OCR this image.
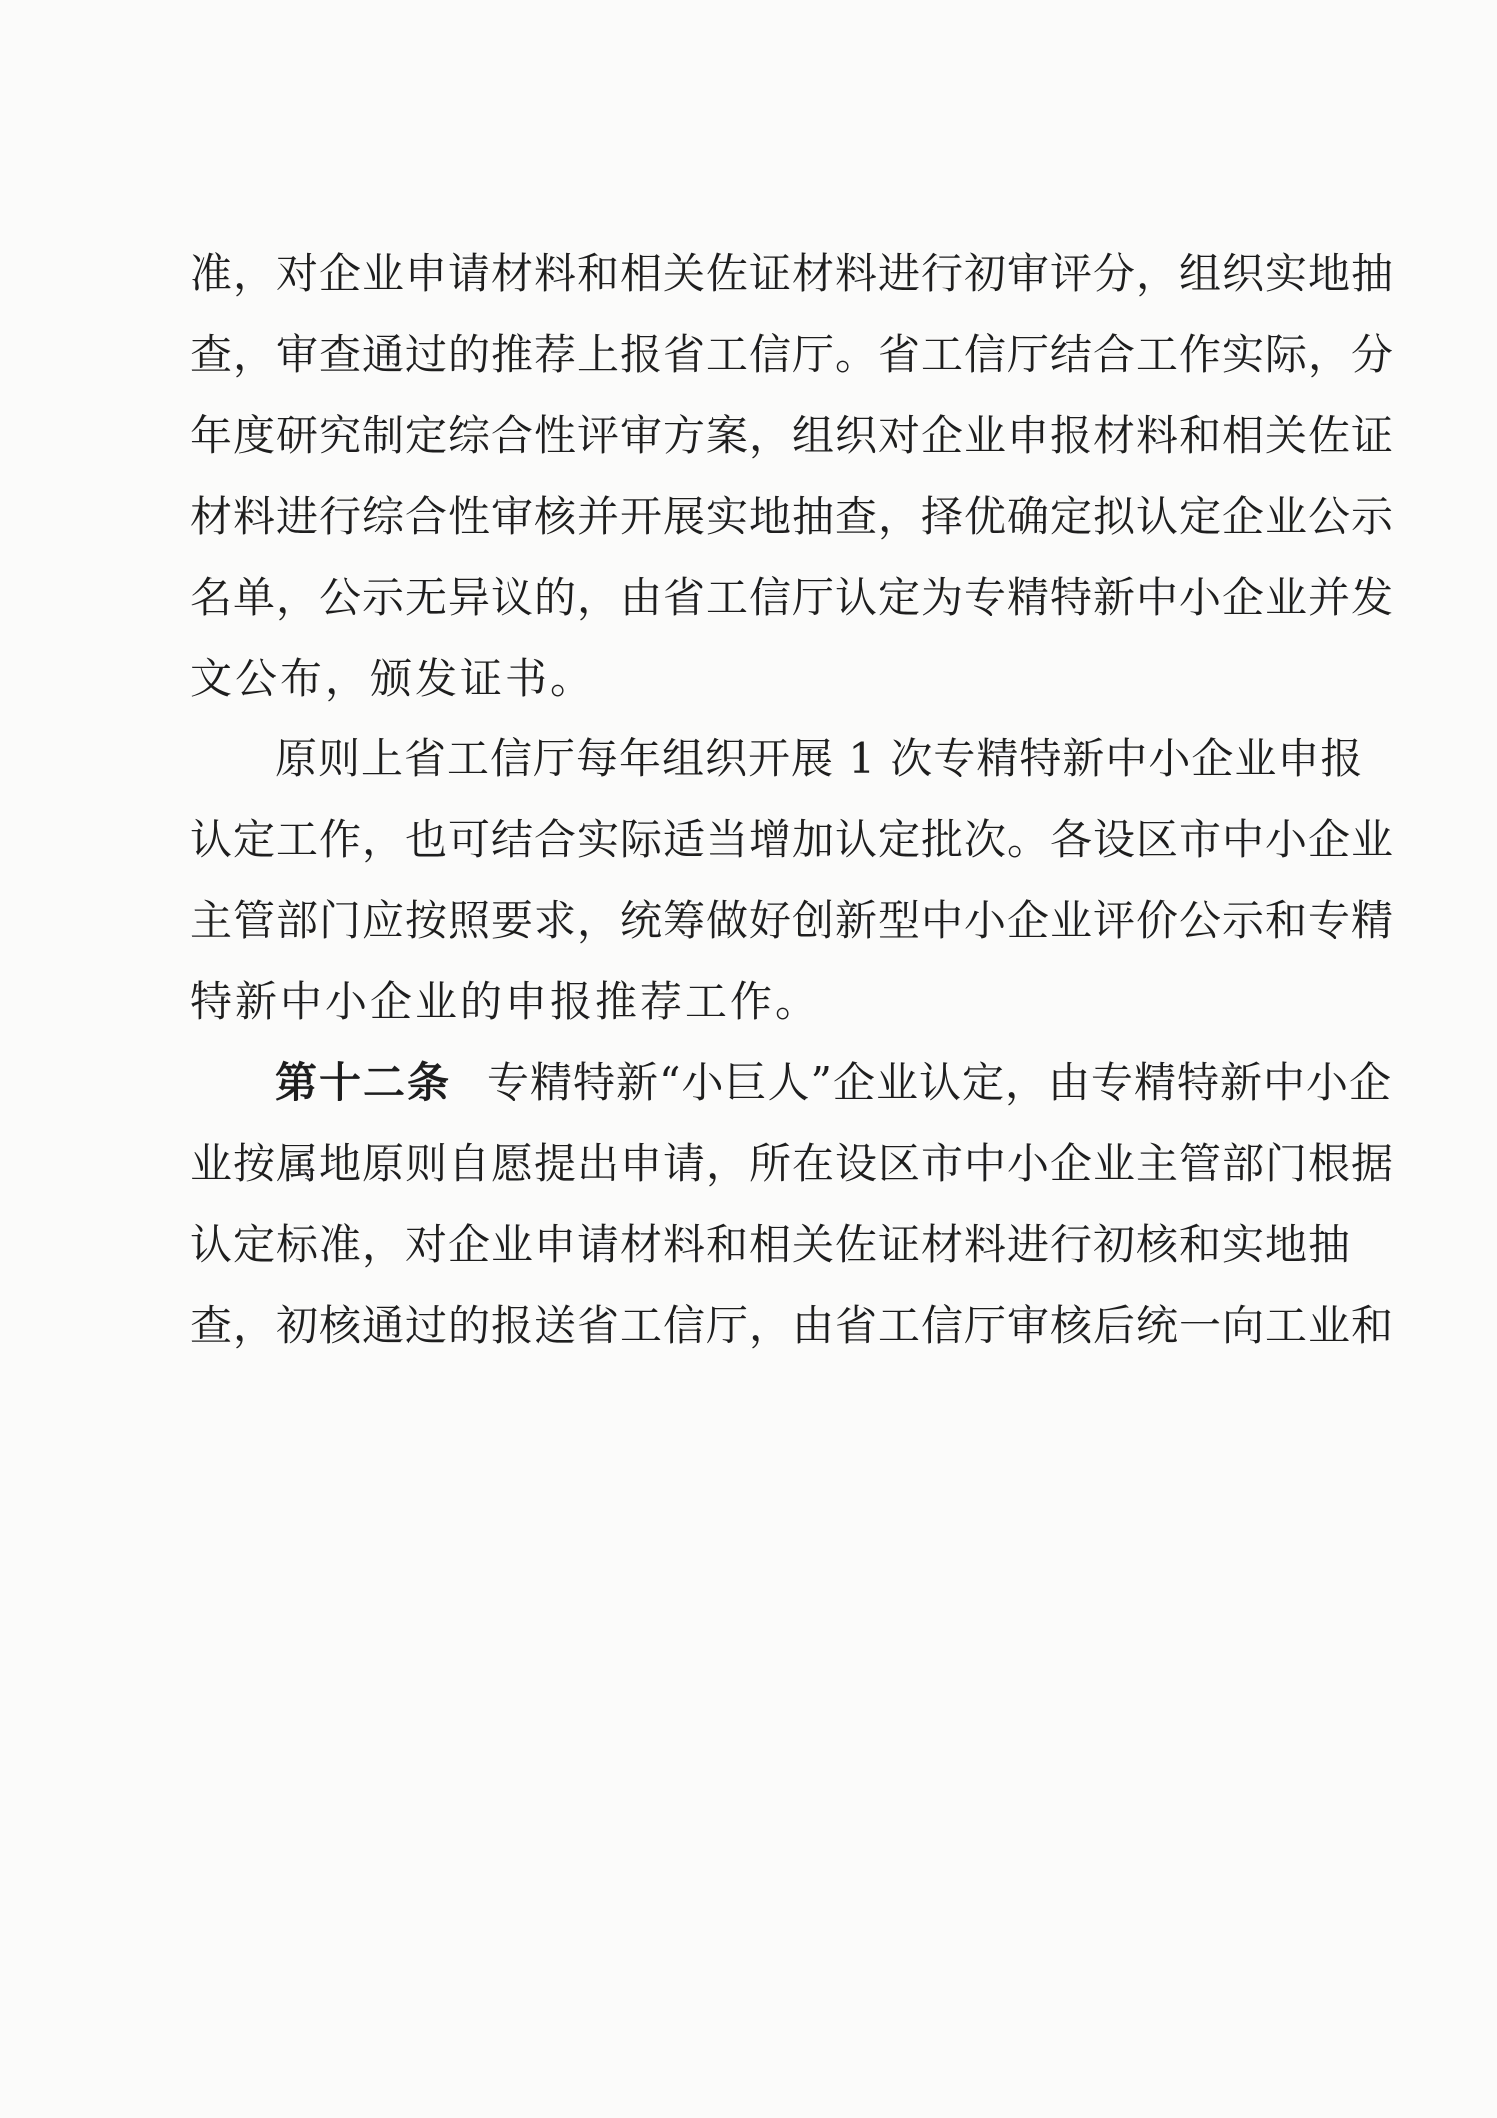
准，对企业申请材料和相关佐证材料进行初审评分，组织实地抽
查，审查通过的推荐上报省工信厅。省工信厅结合工作实际，分
年度研究制定综合性评审方案，组织对企业申报材料和相关佐证
材料进行综合性审核并开展实地抽查，择优确定拟认定企业公示
名单，公示无异议的，由省工信厅认定为专精特新中小企业并发
文公布，颁发证书。
原则上省工信厅每年组织开展 1 次专精特新中小企业申报
认定工作，也可结合实际适当增加认定批次。各设区市中小企业
主管部门应按照要求，统筹做好创新型中小企业评价公示和专精
特新中小企业的申报推荐工作。
第十二条 专精特新“小巨人”企业认定，由专精特新中小企
业按属地原则自愿提出申请，所在设区市中小企业主管部门根据
认定标准，对企业申请材料和相关佐证材料进行初核和实地抽
查，初核通过的报送省工信厅，由省工信厅审核后统一向工业和
